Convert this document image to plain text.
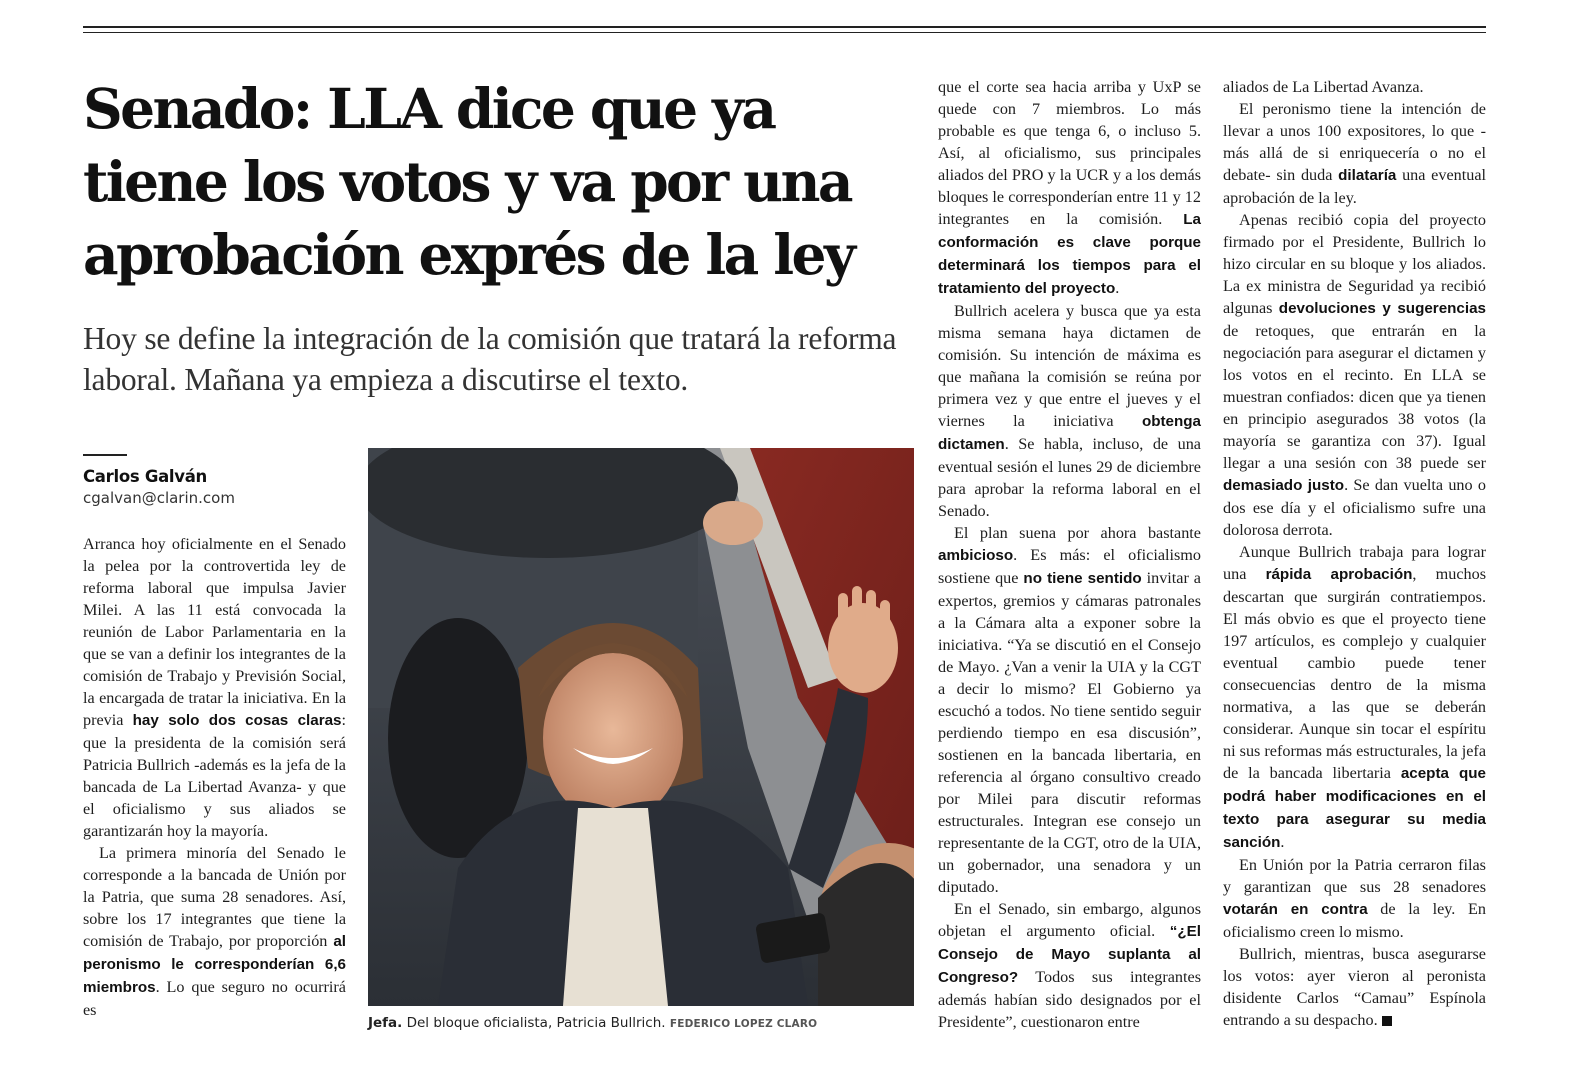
Senado: LLA dice que ya tiene los votos y va por una aprobación exprés de la ley

Hoy se define la integración de la comisión que tratará la reforma laboral. Mañana ya empieza a discutirse el texto.

Carlos Galván
cgalvan@clarin.com

Arranca hoy oficialmente en el Senado la pelea por la controvertida ley de reforma laboral que impulsa Javier Milei. A las 11 está convocada la reunión de Labor Parlamentaria en la que se van a definir los integrantes de la comisión de Trabajo y Previsión Social, la encargada de tratar la iniciativa. En la previa hay solo dos cosas claras: que la presidenta de la comisión será Patricia Bullrich -además es la jefa de la bancada de La Libertad Avanza- y que el oficialismo y sus aliados se garantizarán hoy la mayoría.

La primera minoría del Senado le corresponde a la bancada de Unión por la Patria, que suma 28 senadores. Así, sobre los 17 integrantes que tiene la comisión de Trabajo, por proporción al peronismo le corresponderían 6,6 miembros. Lo que seguro no ocurrirá es

Jefa. Del bloque oficialista, Patricia Bullrich. FEDERICO LOPEZ CLARO

que el corte sea hacia arriba y UxP se quede con 7 miembros. Lo más probable es que tenga 6, o incluso 5. Así, al oficialismo, sus principales aliados del PRO y la UCR y a los demás bloques le corresponderían entre 11 y 12 integrantes en la comisión. La conformación es clave porque determinará los tiempos para el tratamiento del proyecto.

Bullrich acelera y busca que ya esta misma semana haya dictamen de comisión. Su intención de máxima es que mañana la comisión se reúna por primera vez y que entre el jueves y el viernes la iniciativa obtenga dictamen. Se habla, incluso, de una eventual sesión el lunes 29 de diciembre para aprobar la reforma laboral en el Senado.

El plan suena por ahora bastante ambicioso. Es más: el oficialismo sostiene que no tiene sentido invitar a expertos, gremios y cámaras patronales a la Cámara alta a exponer sobre la iniciativa. “Ya se discutió en el Consejo de Mayo. ¿Van a venir la UIA y la CGT a decir lo mismo? El Gobierno ya escuchó a todos. No tiene sentido seguir perdiendo tiempo en esa discusión”, sostienen en la bancada libertaria, en referencia al órgano consultivo creado por Milei para discutir reformas estructurales. Integran ese consejo un representante de la CGT, otro de la UIA, un gobernador, una senadora y un diputado.

En el Senado, sin embargo, algunos objetan el argumento oficial. “¿El Consejo de Mayo suplanta al Congreso? Todos sus integrantes además habían sido designados por el Presidente”, cuestionaron entre

aliados de La Libertad Avanza.

El peronismo tiene la intención de llevar a unos 100 expositores, lo que -más allá de si enriquecería o no el debate- sin duda dilataría una eventual aprobación de la ley.

Apenas recibió copia del proyecto firmado por el Presidente, Bullrich lo hizo circular en su bloque y los aliados. La ex ministra de Seguridad ya recibió algunas devoluciones y sugerencias de retoques, que entrarán en la negociación para asegurar el dictamen y los votos en el recinto. En LLA se muestran confiados: dicen que ya tienen en principio asegurados 38 votos (la mayoría se garantiza con 37). Igual llegar a una sesión con 38 puede ser demasiado justo. Se dan vuelta uno o dos ese día y el oficialismo sufre una dolorosa derrota.

Aunque Bullrich trabaja para lograr una rápida aprobación, muchos descartan que surgirán contratiempos. El más obvio es que el proyecto tiene 197 artículos, es complejo y cualquier eventual cambio puede tener consecuencias dentro de la misma normativa, a las que se deberán considerar. Aunque sin tocar el espíritu ni sus reformas más estructurales, la jefa de la bancada libertaria acepta que podrá haber modificaciones en el texto para asegurar su media sanción.

En Unión por la Patria cerraron filas y garantizan que sus 28 senadores votarán en contra de la ley. En oficialismo creen lo mismo.

Bullrich, mientras, busca asegurarse los votos: ayer vieron al peronista disidente Carlos “Camau” Espínola entrando a su despacho.
